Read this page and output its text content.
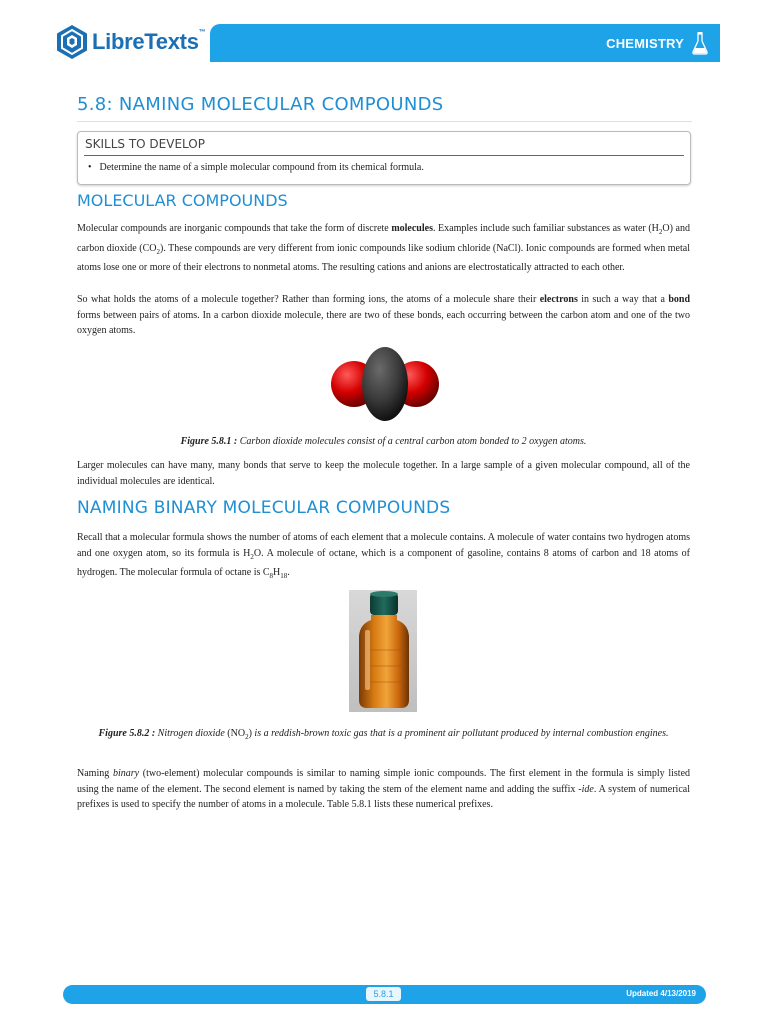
LibreTexts™
CHEMISTRY
5.8: NAMING MOLECULAR COMPOUNDS
SKILLS TO DEVELOP
• Determine the name of a simple molecular compound from its chemical formula.
MOLECULAR COMPOUNDS

Molecular compounds are inorganic compounds that take the form of discrete molecules. Examples include such familiar substances as water $(H_2O)$ and carbon dioxide $(CO_2)$. These compounds are very different from ionic compounds like sodium chloride (NaCl). Ionic compounds are formed when metal atoms lose one or more of their electrons to nonmetal atoms. The resulting cations and anions are electrostatically attracted to each other.

So what holds the atoms of a molecule together? Rather than forming ions, the atoms of a molecule share their electrons in such a way that a bond forms between pairs of atoms. In a carbon dioxide molecule, there are two of these bonds, each occurring between the carbon atom and one of the two oxygen atoms.

Figure 5.8.1 : Carbon dioxide molecules consist of a central carbon atom bonded to 2 oxygen atoms.

Larger molecules can have many, many bonds that serve to keep the molecule together. In a large sample of a given molecular compound, all of the individual molecules are identical.

NAMING BINARY MOLECULAR COMPOUNDS

Recall that a molecular formula shows the number of atoms of each element that a molecule contains. A molecule of water contains two hydrogen atoms and one oxygen atom, so its formula is $H_2O$. A molecule of octane, which is a component of gasoline, contains 8 atoms of carbon and 18 atoms of hydrogen. The molecular formula of octane is $C_8H_{18}$.

Figure 5.8.2 : Nitrogen dioxide $(NO_2)$ is a reddish-brown toxic gas that is a prominent air pollutant produced by internal combustion engines.

Naming binary (two-element) molecular compounds is similar to naming simple ionic compounds. The first element in the formula is simply listed using the name of the element. The second element is named by taking the stem of the element name and adding the suffix -ide. A system of numerical prefixes is used to specify the number of atoms in a molecule. Table 5.8.1 lists these numerical prefixes.

5.8.1	Updated 4/13/2019
